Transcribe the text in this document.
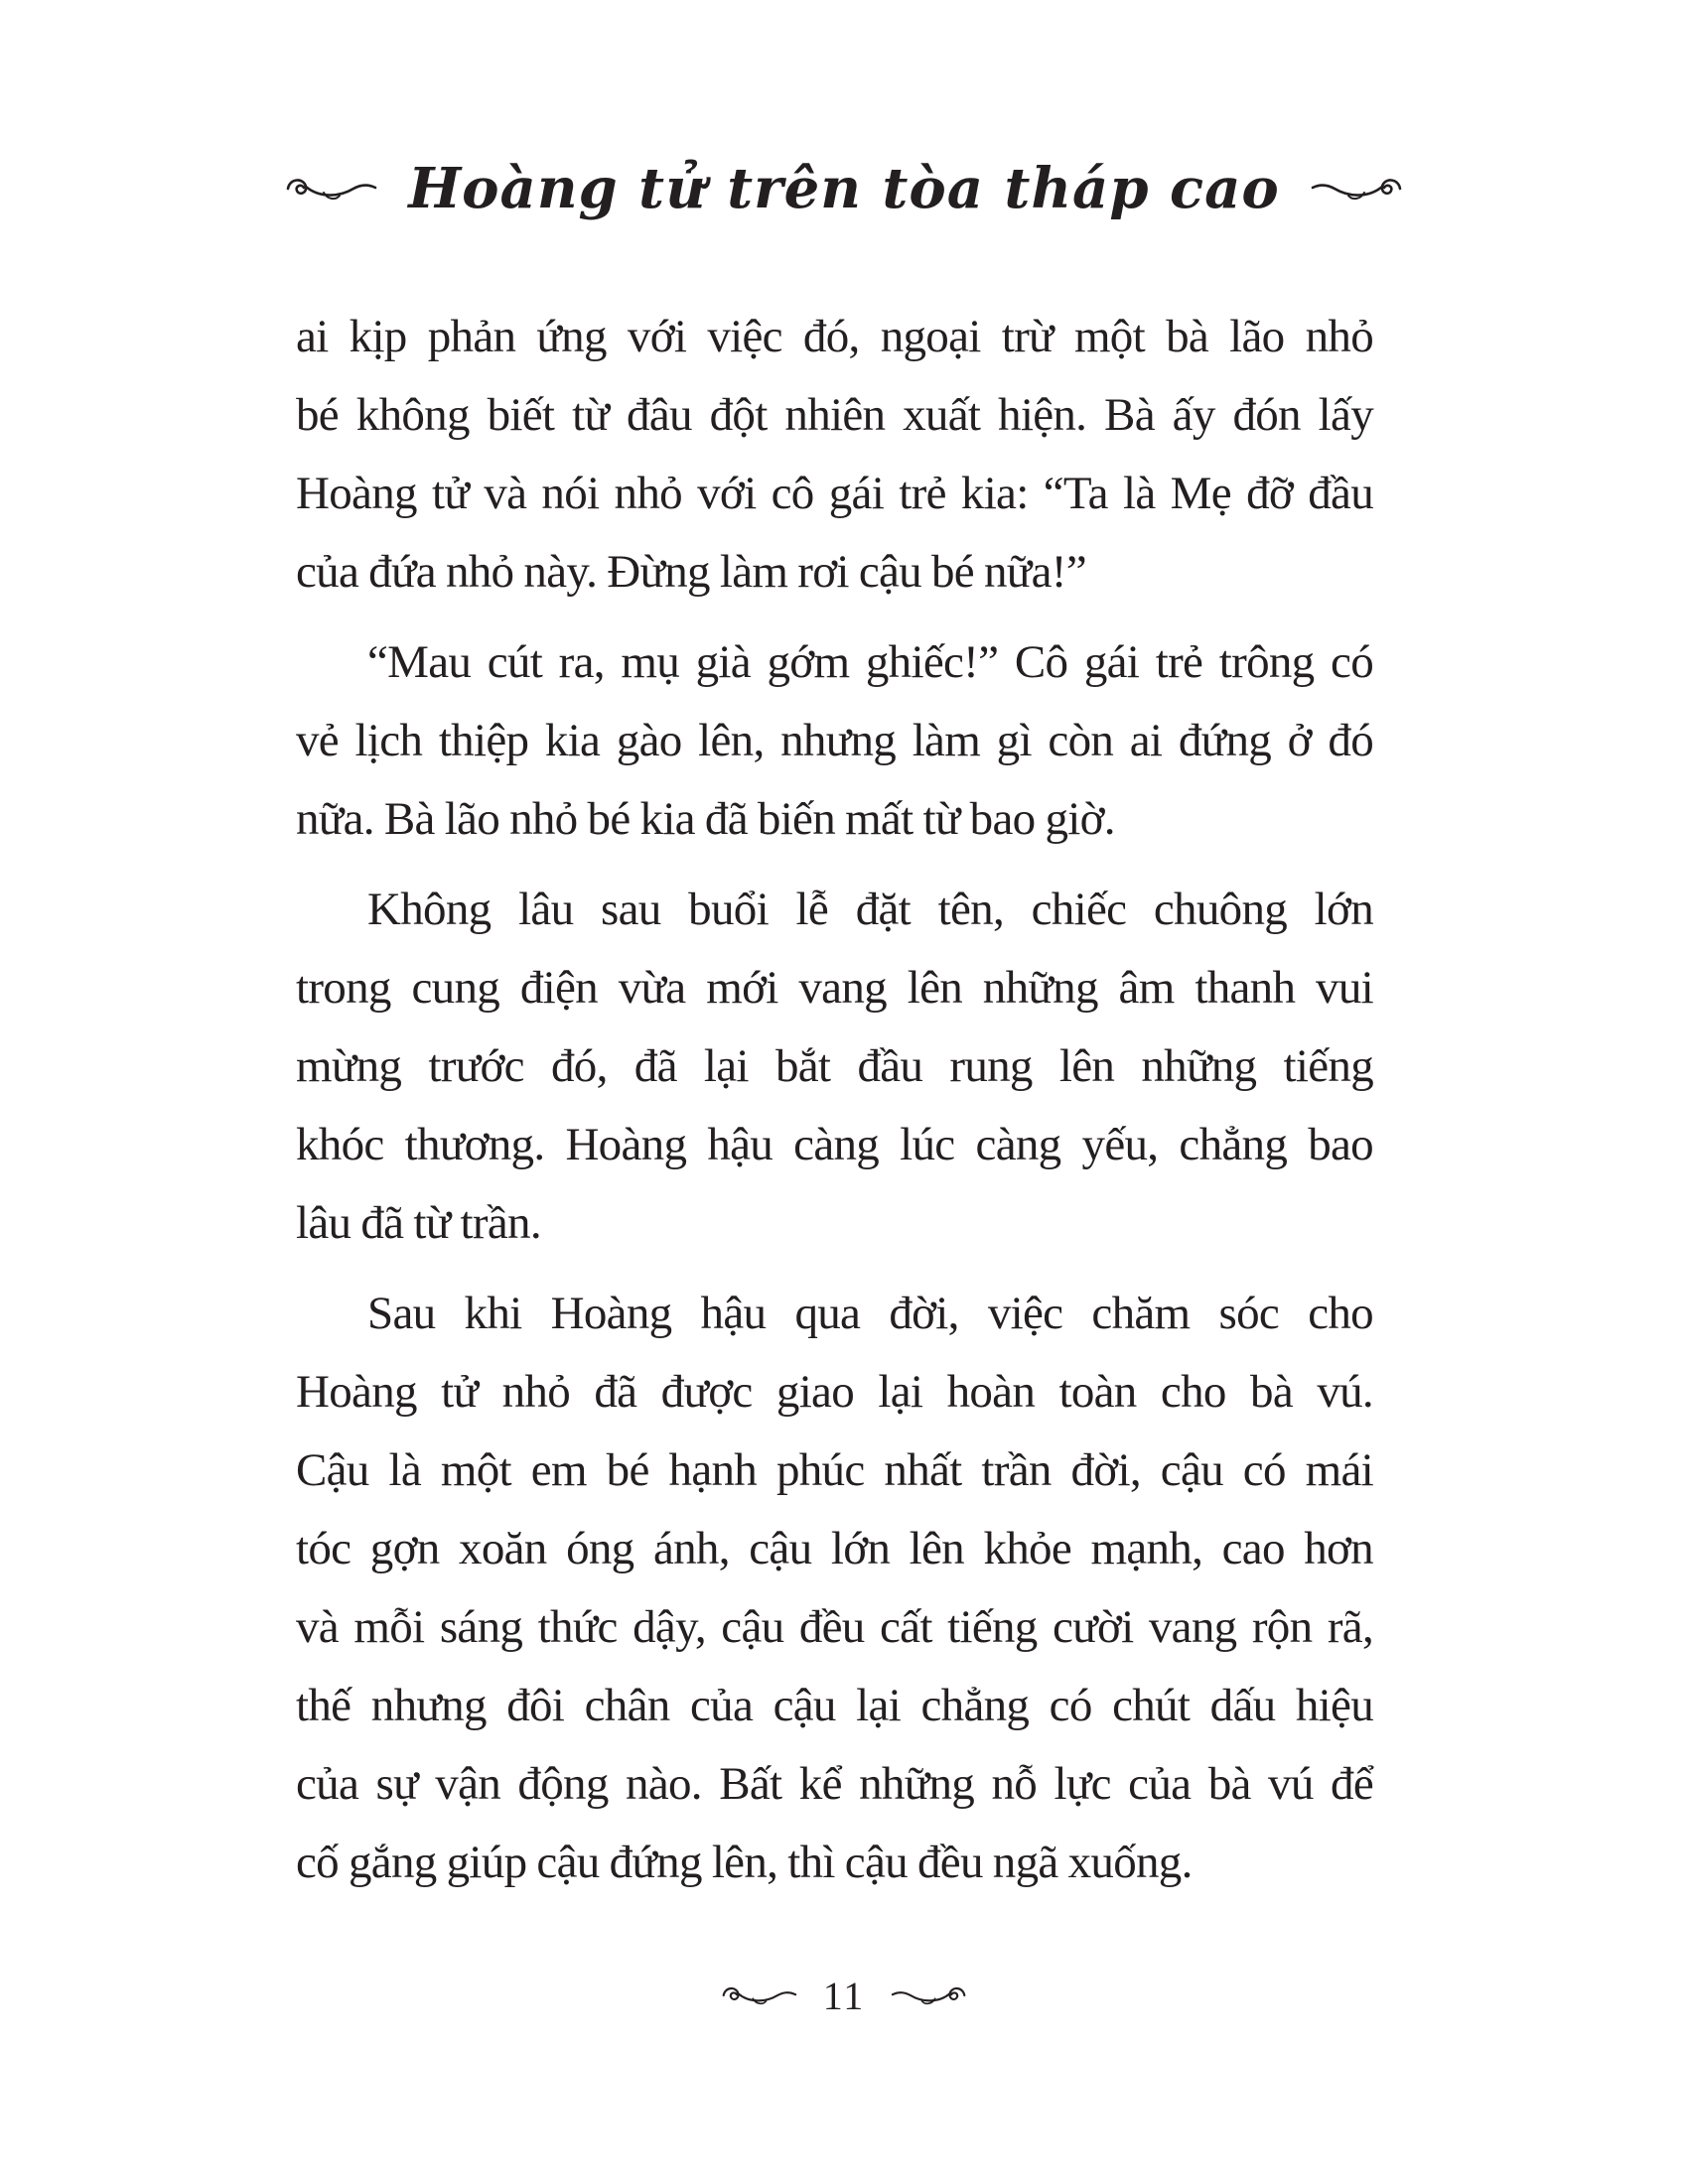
Hoàng tử trên tòa tháp cao

ai kịp phản ứng với việc đó, ngoại trừ một bà lão nhỏ
bé không biết từ đâu đột nhiên xuất hiện. Bà ấy đón lấy
Hoàng tử và nói nhỏ với cô gái trẻ kia: “Ta là Mẹ đỡ đầu
của đứa nhỏ này. Đừng làm rơi cậu bé nữa!”

“Mau cút ra, mụ già gớm ghiếc!” Cô gái trẻ trông có
vẻ lịch thiệp kia gào lên, nhưng làm gì còn ai đứng ở đó
nữa. Bà lão nhỏ bé kia đã biến mất từ bao giờ.

Không lâu sau buổi lễ đặt tên, chiếc chuông lớn
trong cung điện vừa mới vang lên những âm thanh vui
mừng trước đó, đã lại bắt đầu rung lên những tiếng
khóc thương. Hoàng hậu càng lúc càng yếu, chẳng bao
lâu đã từ trần.

Sau khi Hoàng hậu qua đời, việc chăm sóc cho
Hoàng tử nhỏ đã được giao lại hoàn toàn cho bà vú.
Cậu là một em bé hạnh phúc nhất trần đời, cậu có mái
tóc gợn xoăn óng ánh, cậu lớn lên khỏe mạnh, cao hơn
và mỗi sáng thức dậy, cậu đều cất tiếng cười vang rộn rã,
thế nhưng đôi chân của cậu lại chẳng có chút dấu hiệu
của sự vận động nào. Bất kể những nỗ lực của bà vú để
cố gắng giúp cậu đứng lên, thì cậu đều ngã xuống.

11
